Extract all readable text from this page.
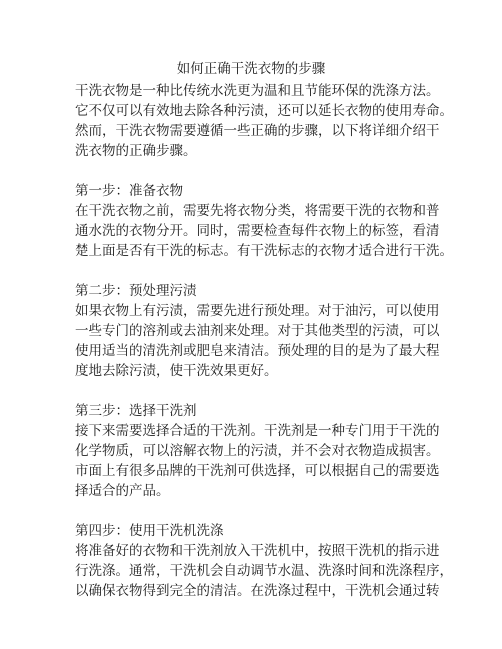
如何正确干洗衣物的步骤
干洗衣物是一种比传统水洗更为温和且节能环保的洗涤方法。
它不仅可以有效地去除各种污渍，还可以延长衣物的使用寿命。
然而，干洗衣物需要遵循一些正确的步骤，以下将详细介绍干
洗衣物的正确步骤。
第一步：准备衣物
在干洗衣物之前，需要先将衣物分类，将需要干洗的衣物和普
通水洗的衣物分开。同时，需要检查每件衣物上的标签，看清
楚上面是否有干洗的标志。有干洗标志的衣物才适合进行干洗。
第二步：预处理污渍
如果衣物上有污渍，需要先进行预处理。对于油污，可以使用
一些专门的溶剂或去油剂来处理。对于其他类型的污渍，可以
使用适当的清洗剂或肥皂来清洁。预处理的目的是为了最大程
度地去除污渍，使干洗效果更好。
第三步：选择干洗剂
接下来需要选择合适的干洗剂。干洗剂是一种专门用于干洗的
化学物质，可以溶解衣物上的污渍，并不会对衣物造成损害。
市面上有很多品牌的干洗剂可供选择，可以根据自己的需要选
择适合的产品。
第四步：使用干洗机洗涤
将准备好的衣物和干洗剂放入干洗机中，按照干洗机的指示进
行洗涤。通常，干洗机会自动调节水温、洗涤时间和洗涤程序，
以确保衣物得到完全的清洁。在洗涤过程中，干洗机会通过转
